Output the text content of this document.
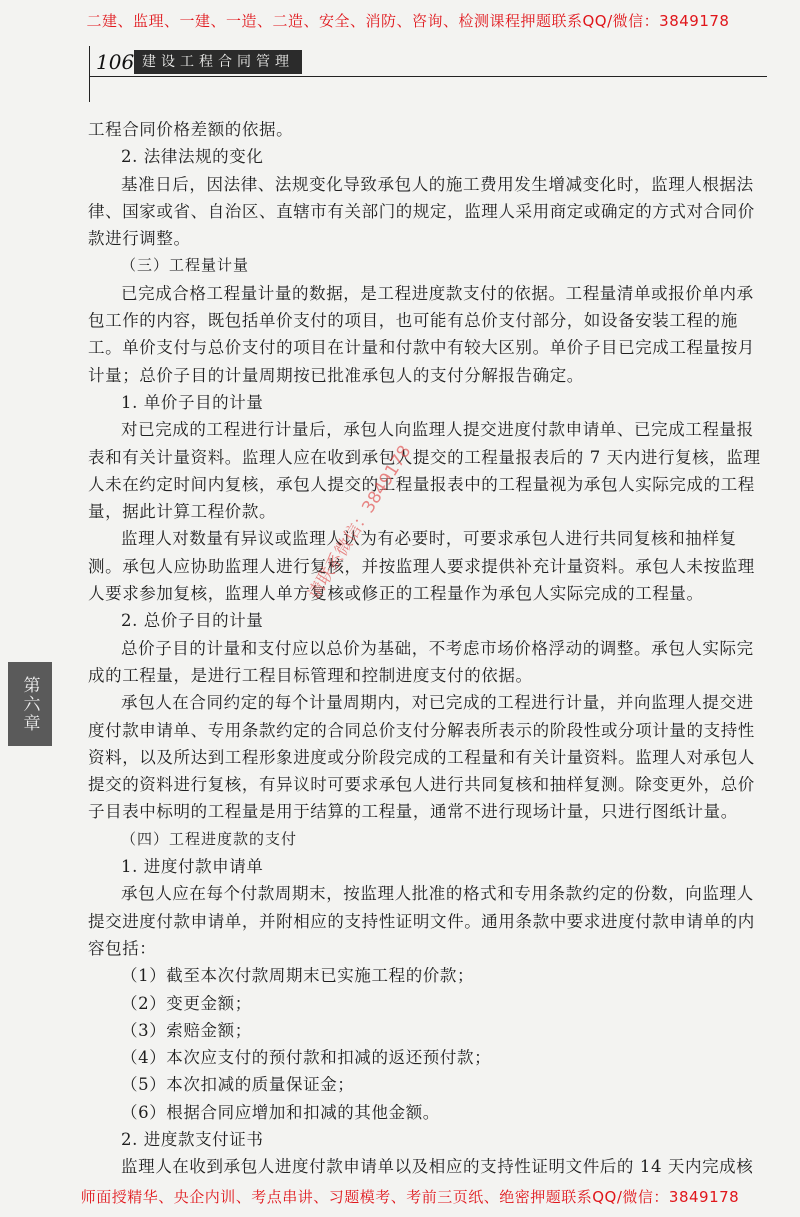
二建、监理、一建、一造、二造、安全、消防、咨询、检测课程押题联系QQ/微信：3849178
106 建设工程合同管理
第六章
工程合同价格差额的依据。
2. 法律法规的变化
基准日后，因法律、法规变化导致承包人的施工费用发生增减变化时，监理人根据法
律、国家或省、自治区、直辖市有关部门的规定，监理人采用商定或确定的方式对合同价
款进行调整。
（三）工程量计量
已完成合格工程量计量的数据，是工程进度款支付的依据。工程量清单或报价单内承
包工作的内容，既包括单价支付的项目，也可能有总价支付部分，如设备安装工程的施
工。单价支付与总价支付的项目在计量和付款中有较大区别。单价子目已完成工程量按月
计量；总价子目的计量周期按已批准承包人的支付分解报告确定。
1. 单价子目的计量
对已完成的工程进行计量后，承包人向监理人提交进度付款申请单、已完成工程量报
表和有关计量资料。监理人应在收到承包人提交的工程量报表后的 7 天内进行复核，监理
人未在约定时间内复核，承包人提交的工程量报表中的工程量视为承包人实际完成的工程
量，据此计算工程价款。
监理人对数量有异议或监理人认为有必要时，可要求承包人进行共同复核和抽样复
测。承包人应协助监理人进行复核，并按监理人要求提供补充计量资料。承包人未按监理
人要求参加复核，监理人单方复核或修正的工程量作为承包人实际完成的工程量。
2. 总价子目的计量
总价子目的计量和支付应以总价为基础，不考虑市场价格浮动的调整。承包人实际完
成的工程量，是进行工程目标管理和控制进度支付的依据。
承包人在合同约定的每个计量周期内，对已完成的工程进行计量，并向监理人提交进
度付款申请单、专用条款约定的合同总价支付分解表所表示的阶段性或分项计量的支持性
资料，以及所达到工程形象进度或分阶段完成的工程量和有关计量资料。监理人对承包人
提交的资料进行复核，有异议时可要求承包人进行共同复核和抽样复测。除变更外，总价
子目表中标明的工程量是用于结算的工程量，通常不进行现场计量，只进行图纸计量。
（四）工程进度款的支付
1. 进度付款申请单
承包人应在每个付款周期末，按监理人批准的格式和专用条款约定的份数，向监理人
提交进度付款申请单，并附相应的支持性证明文件。通用条款中要求进度付款申请单的内
容包括：
（1）截至本次付款周期末已实施工程的价款；
（2）变更金额；
（3）索赔金额；
（4）本次应支付的预付款和扣减的返还预付款；
（5）本次扣减的质量保证金；
（6）根据合同应增加和扣减的其他金额。
2. 进度款支付证书
监理人在收到承包人进度付款申请单以及相应的支持性证明文件后的 14 天内完成核
请联系微信：3849178
师面授精华、央企内训、考点串讲、习题模考、考前三页纸、绝密押题联系QQ/微信：3849178
